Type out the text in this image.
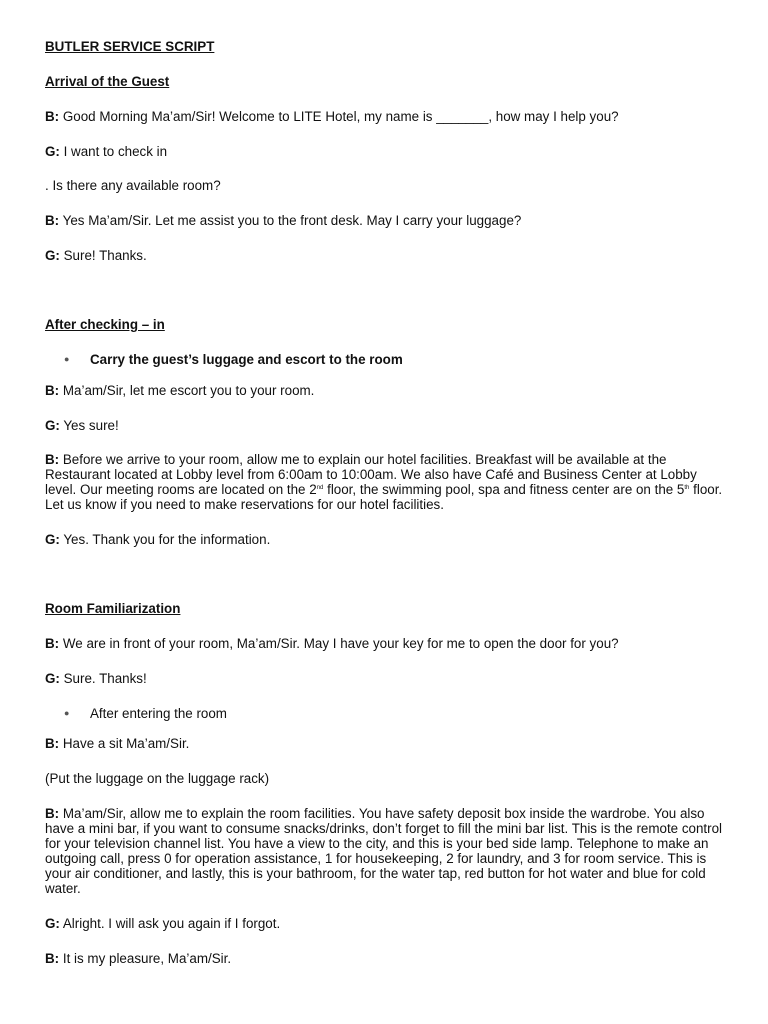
BUTLER SERVICE SCRIPT

Arrival of the Guest

B: Good Morning Ma’am/Sir! Welcome to LITE Hotel, my name is _______, how may I help you?

G: I want to check in

. Is there any available room?

B: Yes Ma’am/Sir. Let me assist you to the front desk. May I carry your luggage?

G: Sure! Thanks.

After checking – in

● Carry the guest’s luggage and escort to the room

B: Ma’am/Sir, let me escort you to your room.

G: Yes sure!

B: Before we arrive to your room, allow me to explain our hotel facilities. Breakfast will be available at the Restaurant located at Lobby level from 6:00am to 10:00am. We also have Café and Business Center at Lobby level. Our meeting rooms are located on the 2nd floor, the swimming pool, spa and fitness center are on the 5th floor. Let us know if you need to make reservations for our hotel facilities.

G: Yes. Thank you for the information.

Room Familiarization

B: We are in front of your room, Ma’am/Sir. May I have your key for me to open the door for you?

G: Sure. Thanks!

● After entering the room

B: Have a sit Ma’am/Sir.

(Put the luggage on the luggage rack)

B: Ma’am/Sir, allow me to explain the room facilities. You have safety deposit box inside the wardrobe. You also have a mini bar, if you want to consume snacks/drinks, don’t forget to fill the mini bar list. This is the remote control for your television channel list. You have a view to the city, and this is your bed side lamp. Telephone to make an outgoing call, press 0 for operation assistance, 1 for housekeeping, 2 for laundry, and 3 for room service. This is your air conditioner, and lastly, this is your bathroom, for the water tap, red button for hot water and blue for cold water.

G: Alright. I will ask you again if I forgot.

B: It is my pleasure, Ma’am/Sir.
